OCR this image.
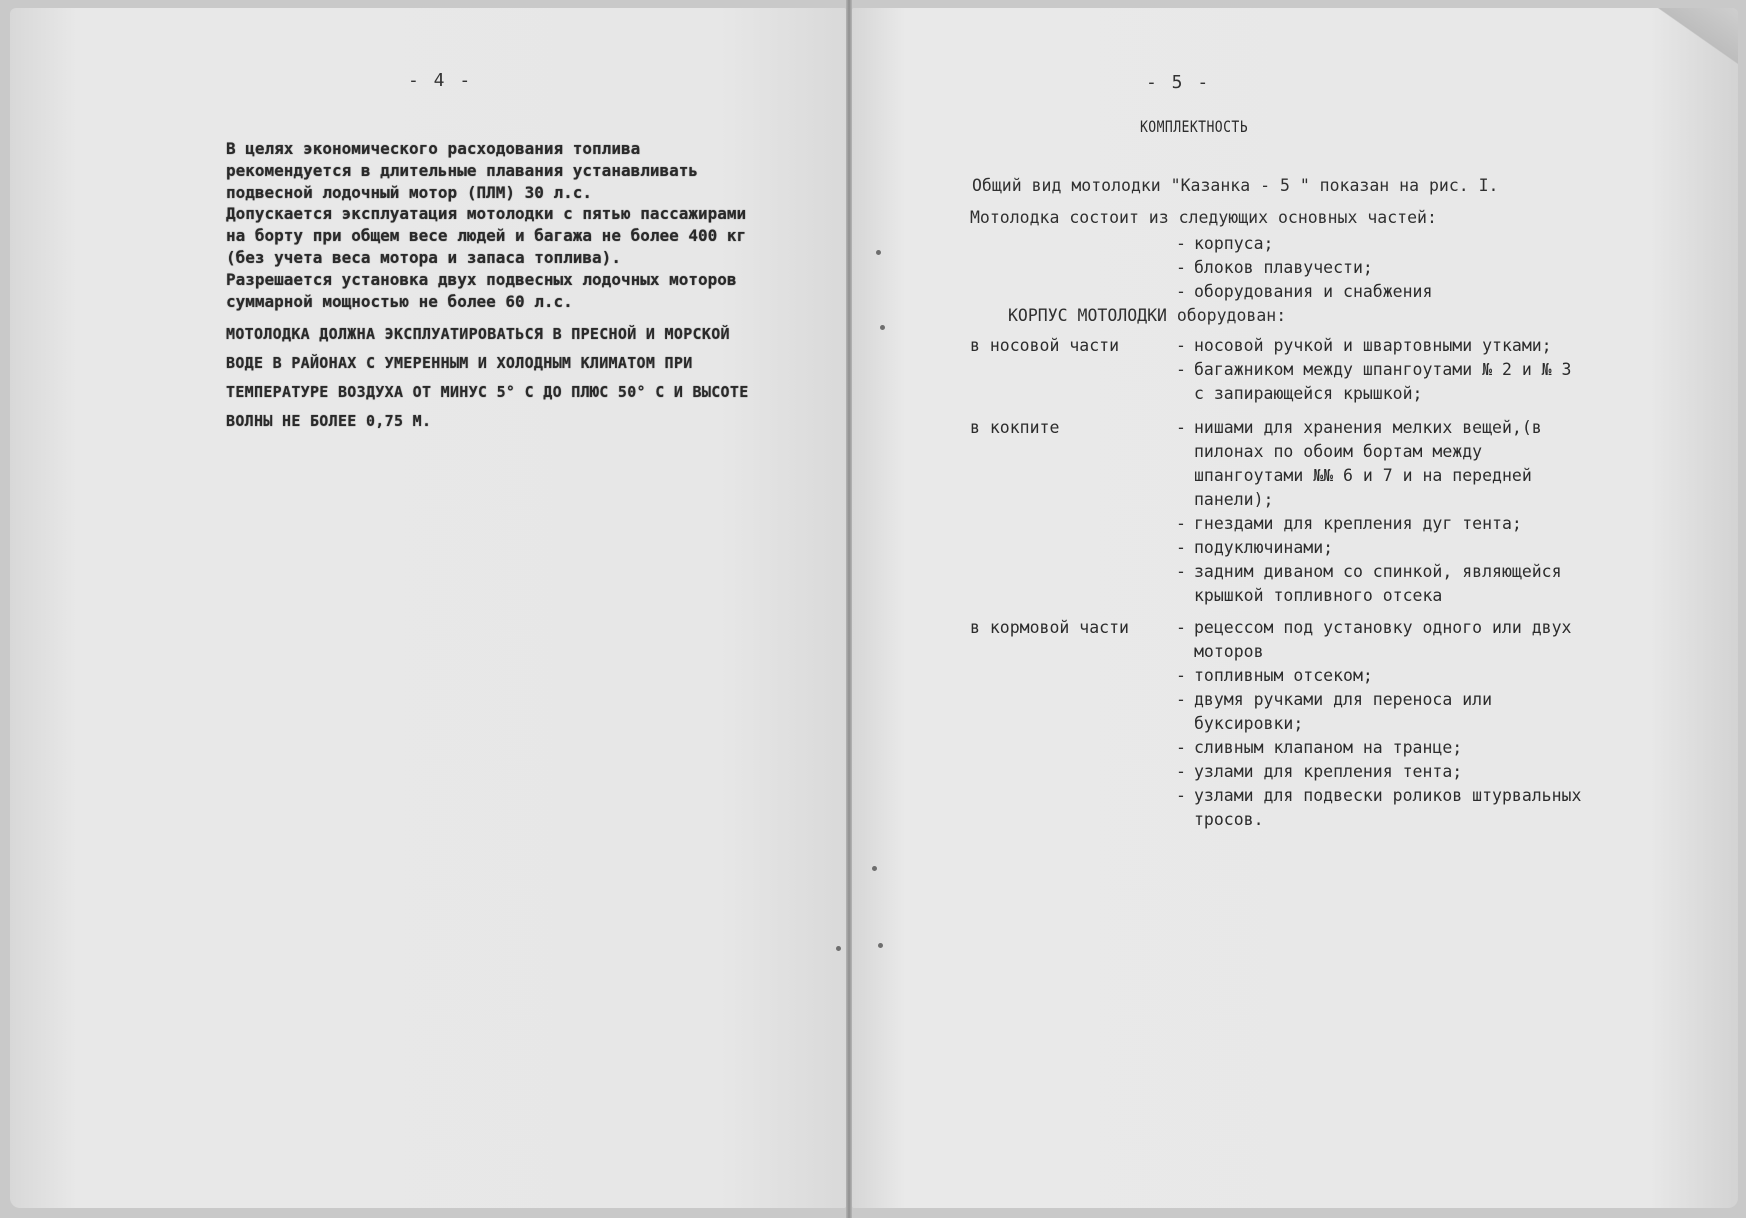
- 4 -

В целях экономического расходования топлива рекомендуется в длительные плавания устанавливать подвесной лодочный мотор (ПЛМ) 30 л.с.

Допускается эксплуатация мотолодки с пятью пассажирами на борту при общем весе людей и багажа не более 400 кг (без учета веса мотора и запаса топлива).

Разрешается установка двух подвесных лодочных моторов суммарной мощностью не более 60 л.с.

МОТОЛОДКА ДОЛЖНА ЭКСПЛУАТИРОВАТЬСЯ В ПРЕСНОЙ И МОРСКОЙ ВОДЕ В РАЙОНАХ С УМЕРЕННЫМ И ХОЛОДНЫМ КЛИМАТОМ ПРИ ТЕМПЕРАТУРЕ ВОЗДУХА ОТ МИНУС 5° С ДО ПЛЮС 50° С И ВЫСОТЕ ВОЛНЫ НЕ БОЛЕЕ 0,75 М.

- 5 -
КОМПЛЕКТНОСТЬ
Общий вид мотолодки "Казанка - 5 " показан на рис. I.
Мотолодка состоит из следующих основных частей:
- корпуса;
- блоков плавучести;
- оборудования и снабжения
КОРПУС МОТОЛОДКИ оборудован:
в носовой части	- носовой ручкой и швартовными утками;
- багажником между шпангоутами № 2 и № 3 с запирающейся крышкой;
в кокпите	- нишами для хранения мелких вещей,(в пилонах по обоим бортам между шпангоутами №№ 6 и 7 и на передней панели);
- гнездами для крепления дуг тента;
- подуключинами;
- задним диваном со спинкой, являющейся крышкой топливного отсека
в кормовой части	- рецессом под установку одного или двух моторов
- топливным отсеком;
- двумя ручками для переноса или буксировки;
- сливным клапаном на транце;
- узлами для крепления тента;
- узлами для подвески роликов штурвальных тросов.
